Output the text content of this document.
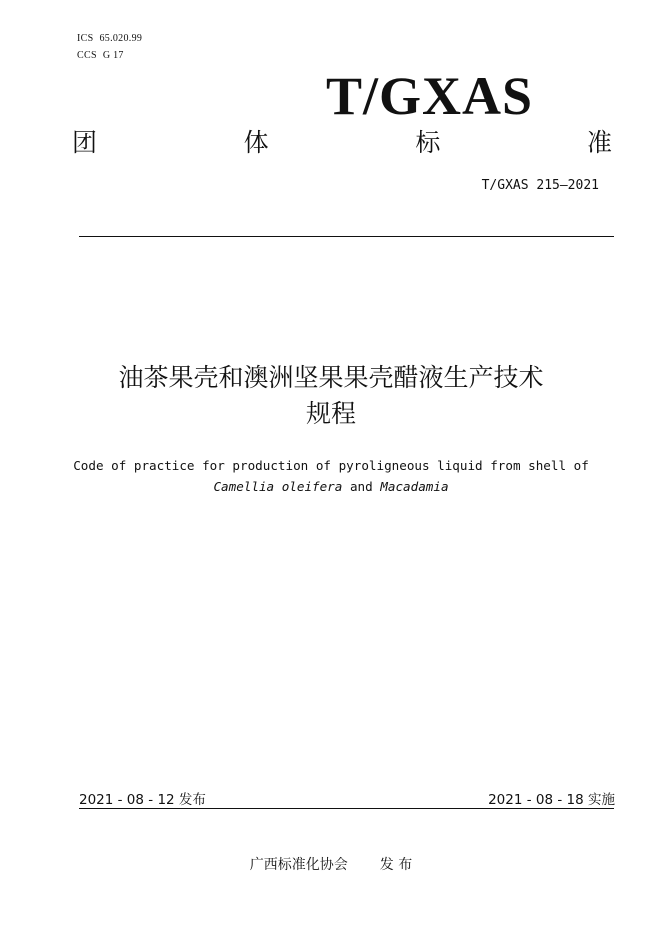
ICS 65.020.99
CCS G 17
T/GXAS
团	体	标	准
T/GXAS 215—2021
油茶果壳和澳洲坚果果壳醋液生产技术
规程
Code of practice for production of pyroligneous liquid from shell of
Camellia oleifera and Macadamia
2021 - 08 - 12 发布	2021 - 08 - 18 实施
广西标准化协会 发 布
